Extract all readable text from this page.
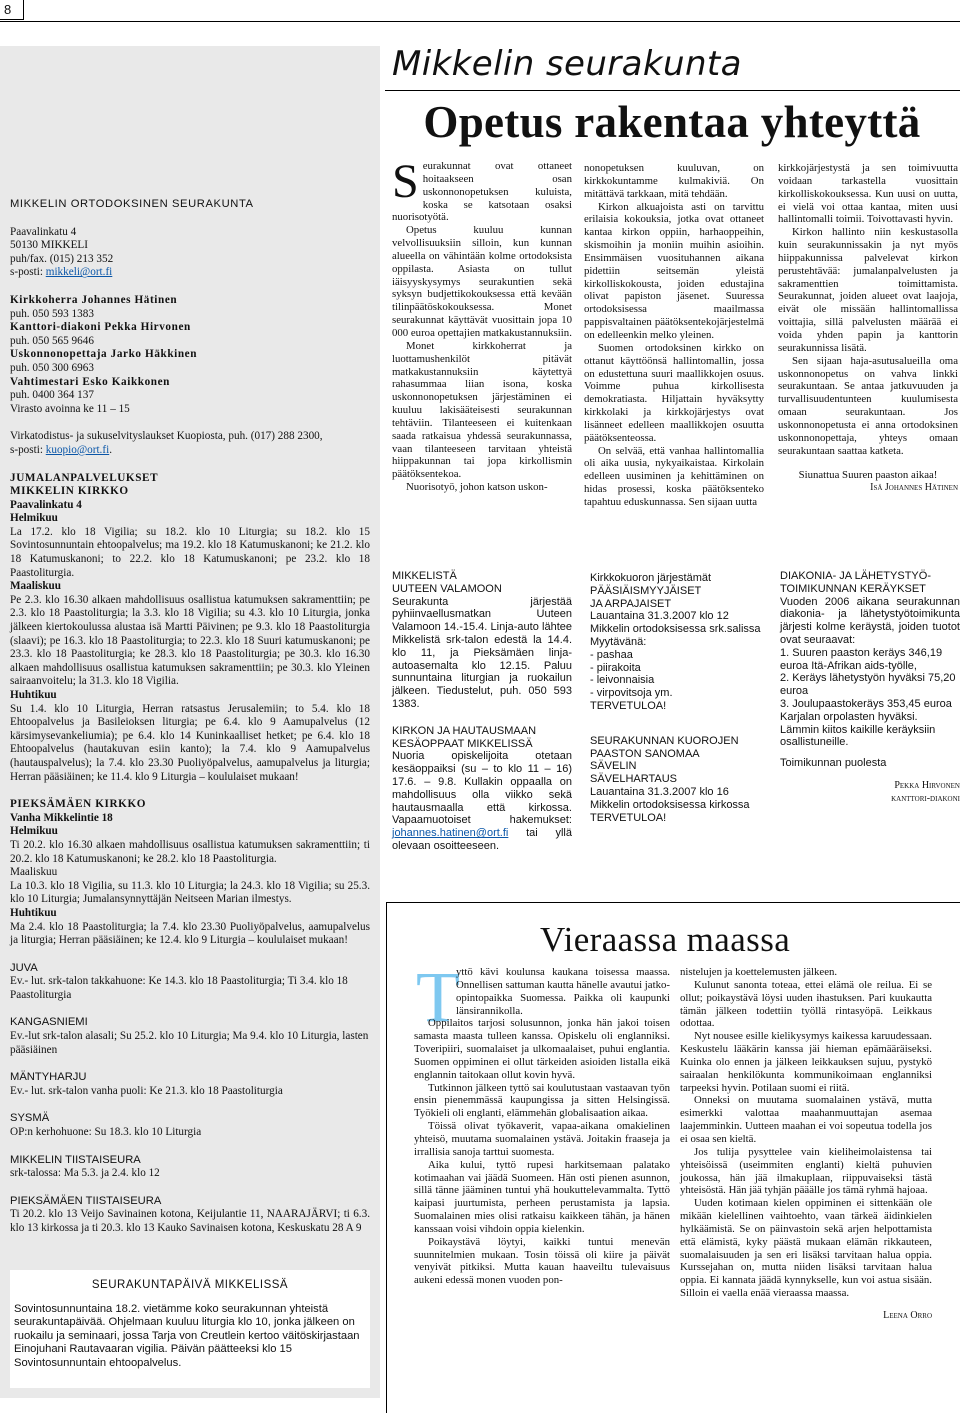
8

MIKKELIN ORTODOKSINEN SEURAKUNTA

Paavalinkatu 4

50130 MIKKELI

puh/fax. (015) 213 352

s-posti: mikkeli@ort.fi

Kirkkoherra Johannes Hätinen

puh. 050 593 1383

Kanttori-diakoni Pekka Hirvonen

puh. 050 565 9646

Uskonnonopettaja Jarko Häkkinen

puh. 050 300 6963

Vahtimestari Esko Kaikkonen

puh. 0400 364 137

Virasto avoinna ke 11 – 15

Virkatodistus- ja sukuselvityslaukset Kuopiosta, puh. (017) 288 2300,

s-posti: kuopio@ort.fi.

JUMALANPALVELUKSET

MIKKELIN KIRKKO

Paavalinkatu 4

Helmikuu

La 17.2. klo 18 Vigilia; su 18.2. klo 10 Liturgia; su 18.2. klo 15 Sovintosunnuntain ehtoopalvelus; ma 19.2. klo 18 Katumuskanoni; ke 21.2. klo 18 Katumuskanoni; to 22.2. klo 18 Katumuskanoni; pe 23.2. klo 18 Paastoliturgia.

Maaliskuu

Pe 2.3. klo 16.30 alkaen mahdollisuus osallistua katumuksen sakramenttiin; pe 2.3. klo 18 Paastoliturgia; la 3.3. klo 18 Vigilia; su 4.3. klo 10 Liturgia, jonka jälkeen kiertokoulussa alustaa isä Martti Päivinen; pe 9.3. klo 18 Paastoliturgia (slaavi); pe 16.3. klo 18 Paastoliturgia; to 22.3. klo 18 Suuri katumuskanoni; pe 23.3. klo 18 Paastoliturgia; ke 28.3. klo 18 Paastoliturgia; pe 30.3. klo 16.30 alkaen mahdollisuus osallistua katumuksen sakramenttiin; pe 30.3. klo Yleinen sairaanvoitelu; la 31.3. klo 18 Vigilia.

Huhtikuu

Su 1.4. klo 10 Liturgia, Herran ratsastus Jerusalemiin; to 5.4. klo 18 Ehtoopalvelus ja Basileioksen liturgia; pe 6.4. klo 9 Aamupalvelus (12 kärsimysevankeliumia); pe 6.4. klo 14 Kuninkaalliset hetket; pe 6.4. klo 18 Ehtoopalvelus (hautakuvan esiin kanto); la 7.4. klo 9 Aamupalvelus (hautauspalvelus); la 7.4. klo 23.30 Puoliyöpalvelus, aamupalvelus ja liturgia; Herran pääsiäinen; ke 11.4. klo 9 Liturgia – koululaiset mukaan!

PIEKSÄMÄEN KIRKKO

Vanha Mikkelintie 18

Helmikuu

Ti 20.2. klo 16.30 alkaen mahdollisuus osallistua katumuksen sakramenttiin; ti 20.2. klo 18 Katumuskanoni; ke 28.2. klo 18 Paastoliturgia.

Maaliskuu

La 10.3. klo 18 Vigilia, su 11.3. klo 10 Liturgia; la 24.3. klo 18 Vigilia; su 25.3. klo 10 Liturgia; Jumalansynnyttäjän Neitseen Marian ilmestys.

Huhtikuu

Ma 2.4. klo 18 Paastoliturgia; la 7.4. klo 23.30 Puoliyöpalvelus, aamupalvelus ja liturgia; Herran pääsiäinen; ke 12.4. klo 9 Liturgia – koululaiset mukaan!

JUVA

Ev.- lut. srk-talon takkahuone: Ke 14.3. klo 18 Paastoliturgia; Ti 3.4. klo 18 Paastoliturgia

KANGASNIEMI

Ev.-lut srk-talon alasali; Su 25.2. klo 10 Liturgia; Ma 9.4. klo 10 Liturgia, lasten pääsiäinen

MÄNTYHARJU

Ev.- lut. srk-talon vanha puoli: Ke 21.3. klo 18 Paastoliturgia

SYSMÄ

OP:n kerhohuone: Su 18.3. klo 10 Liturgia

MIKKELIN TIISTAISEURA

srk-talossa: Ma 5.3. ja 2.4. klo 12

PIEKSÄMÄEN TIISTAISEURA

Ti 20.2. klo 13 Veijo Savinainen kotona, Keijulantie 11, NAARAJÄRVI; ti 6.3. klo 13 kirkossa ja ti 20.3. klo 13 Kauko Savinaisen kotona, Keskuskatu 28 A 9

SEURAKUNTAPÄIVÄ MIKKELISSÄ
Sovintosunnuntaina 18.2. vietämme koko seurakunnan yhteistä seurakuntapäivää. Ohjelmaan kuuluu liturgia klo 10, jonka jälkeen on ruokailu ja seminaari, jossa Tarja von Creutlein kertoo väitöskirjastaan Einojuhani Rautavaaran vigilia. Päivän päätteeksi klo 15 Sovintosunnuntain ehtoopalvelus.
Mikkelin seurakunta
Opetus rakentaa yhteyttä
S eurakunnat ovat ottaneet hoitaakseen osan uskonnonopetuksen kuluista, koska se katsotaan osaksi nuorisotyötä.

Opetus kuuluu kunnan velvollisuuksiin silloin, kun kunnan alueella on vähintään kolme ortodoksista oppilasta. Asiasta on tullut iäisyyskysymys seurakuntien sekä syksyn budjettikokouksessa että kevään tilinpäätöskokouksessa. Monet seurakunnat käyttävät vuosittain jopa 10 000 euroa opettajien matkakustannuksiin.

Monet kirkkoherrat ja luottamushenkilöt pitävät matkakustannuksiin käytettyä rahasummaa liian isona, koska uskonnonopetuksen järjestäminen ei kuuluu lakisääteisesti seurakunnan tehtäviin. Tilanteeseen ei kuitenkaan saada ratkaisua yhdessä seurakunnassa, vaan tilanteeseen tarvitaan yhteistä hiippakunnan tai jopa kirkollismin päätöksentekoa.

Nuorisotyö, johon katson uskon-

nonopetuksen kuuluvan, on kirkkokuntamme kulmakiviä. On mitättävä tarkkaan, mitä tehdään.

Kirkon alkuajoista asti on tarvittu erilaisia kokouksia, jotka ovat ottaneet kantaa kirkon oppiin, harhaoppeihin, skismoihin ja moniin muihin asioihin. Ensimmäisen vuosituhannen aikana pidettiin seitsemän yleistä kirkolliskokousta, joiden edustajina olivat papiston jäsenet. Suuressa ortodoksisessa maailmassa pappisvaltainen päätöksentekojärjestelmä on edelleenkin melko yleinen.

Suomen ortodoksinen kirkko on ottanut käyttöönsä hallintomallin, jossa on edustettuna suuri maallikkojen osuus. Voimme puhua kirkollisesta demokratiasta. Hiljattain hyväksytty kirkkolaki ja kirkkojärjestys ovat lisänneet edelleen maallikkojen osuutta päätöksenteossa.

On selvää, että vanhaa hallintomallia oli aika uusia, nykyaikaistaa. Kirkolain edelleen uusiminen ja kehittäminen on hidas prosessi, koska päätöksenteko tapahtuu eduskunnassa. Sen sijaan uutta

kirkkojärjestystä ja sen toimivuutta voidaan tarkastella vuosittain kirkolliskokouksessa. Kun uusi on uutta, ei vielä voi ottaa kantaa, miten uusi hallintomalli toimii. Toivottavasti hyvin.

Kirkon hallinto niin keskustasolla kuin seurakunnissakin ja nyt myös hiippakunnissa palvelevat kirkon perustehtävää: jumalanpalvelusten ja sakramenttien toimittamista. Seurakunnat, joiden alueet ovat laajoja, eivät ole missään hallintomallissa voittajia, sillä palvelusten määrää ei voida yhden papin ja kanttorin seurakunnissa lisätä.

Sen sijaan haja-asutusalueilla oma uskonnonopetus on vahva linkki seurakuntaan. Se antaa jatkuvuuden ja turvallisuudentunteen kuulumisesta omaan seurakuntaan. Jos uskonnonopetusta ei anna ortodoksinen uskonnonopettaja, yhteys omaan seurakuntaan saattaa katketa.

Siunattua Suuren paaston aikaa!

Isä Johannes Hätinen

MIKKELISTÄ

UUTEEN VALAMOON

Seurakunta järjestää pyhiinvaellusmatkan Uuteen Valamoon 14.-15.4. Linja-auto lähtee Mikkelistä srk-talon edestä la 14.4. klo 11, ja Pieksämäen linja-autoasemalta klo 12.15. Paluu sunnuntaina liturgian ja ruokailun jälkeen. Tiedustelut, puh. 050 593 1383.

KIRKON JA HAUTAUSMAAN

KESÄOPPAAT MIKKELISSÄ

Nuoria opiskelijoita otetaan kesäoppaiksi (su – to klo 11 – 16) 17.6. – 9.8. Kullakin oppaalla on mahdollisuus olla viikko sekä hautausmaalla että kirkossa. Vapaamuotoiset hakemukset: johannes.hatinen@ort.fi tai yllä olevaan osoitteeseen.

Kirkkokuoron järjestämät

PÄÄSIÄISMYYJÄISET

JA ARPAJAISET

Lauantaina 31.3.2007 klo 12

Mikkelin ortodoksisessa srk.salissa

Myytävänä:

- pashaa

- piirakoita

- leivonnaisia

- virpovitsoja ym.

TERVETULOA!

SEURAKUNNAN KUOROJEN

PAASTON SANOMAA

SÄVELIN

SÄVELHARTAUS

Lauantaina 31.3.2007 klo 16

Mikkelin ortodoksisessa kirkossa

TERVETULOA!

DIAKONIA- JA LÄHETYSTYÖ-

TOIMIKUNNAN KERÄYKSET

Vuoden 2006 aikana seurakunnan diakonia- ja lähetystyötoimikunta järjesti kolme keräystä, joiden tuotot ovat seuraavat:

1. Suuren paaston keräys 346,19 euroa Itä-Afrikan aids-työlle,

2. Keräys lähetystyön hyväksi 75,20 euroa

3. Joulupaastokeräys 353,45 euroa Karjalan orpolasten hyväksi.

Lämmin kiitos kaikille keräyksiin osallistuneille.

Toimikunnan puolesta

Pekka Hirvonen

kanttori-diakoni

Vieraassa maassa
T

yttö kävi koulunsa kaukana toisessa maassa. Onnellisen sattuman kautta hänelle avautui jatko-opintopaikka Suomessa. Paikka oli kaupunki länsirannikolla.

Oppilaitos tarjosi solusunnon, jonka hän jakoi toisen samasta maasta tulleen kanssa. Opiskelu oli englanniksi. Toveripiiri, suomalaiset ja ulkomaalaiset, puhui englantia. Suomen oppiminen ei ollut tärkeiden asioiden listalla eikä englannin taitokaan ollut kovin hyvä.

Tutkinnon jälkeen tyttö sai koulutustaan vastaavan työn ensin pienemmässä kaupungissa ja sitten Helsingissä. Työkieli oli englanti, elämmehän globalisaation aikaa.

Töissä olivat työkaverit, vapaa-aikana omakielinen yhteisö, muutama suomalainen ystävä. Joitakin fraaseja ja irrallisia sanoja tarttui suomesta.

Aika kului, tyttö rupesi harkitsemaan palatako kotimaahan vai jäädä Suomeen. Hän osti pienen asunnon, sillä tänne jääminen tuntui yhä houkuttelevammalta. Tyttö kaipasi juurtumista, perheen perustamista ja lapsia. Suomalainen mies olisi ratkaisu kaikkeen tähän, ja hänen kanssaan voisi vihdoin oppia kielenkin.

Poikaystävä löytyi, kaikki tuntui menevän suunnitelmien mukaan. Tosin töissä oli kiire ja päivät venyivät pitkiksi. Mutta kauan haaveiltu tulevaisuus aukeni edessä monen vuoden pon-

nistelujen ja koettelemusten jälkeen.

Kulunut sanonta toteaa, ettei elämä ole reilua. Ei se ollut; poikaystävä löysi uuden ihastuksen. Pari kuukautta tämän jälkeen todettiin työllä rintasyöpä. Leikkaus odottaa.

Nyt nousee esille kielikysymys kaikessa karuudessaan. Keskustelu lääkärin kanssa jäi hieman epämääräiseksi. Kuinka olo ennen ja jälkeen leikkauksen sujuu, pystykö sairaalan henkilökunta kommunikoimaan englanniksi tarpeeksi hyvin. Potilaan suomi ei riitä.

Onneksi on muutama suomalainen ystävä, mutta esimerkki valottaa maahanmuuttajan asemaa laajemminkin. Uutteen maahan ei voi sopeutua todella jos ei osaa sen kieltä.

Jos tulija pysyttelee vain kieliheimolaistensa tai yhteisöissä (useimmiten englanti) kieltä puhuvien joukossa, hän jää ilmakuplaan, riippuvaiseksi tästä yhteisöstä. Hän jää tyhjän pääälle jos tämä ryhmä hajoaa.

Uuden kotimaan kielen oppiminen ei sittenkään ole mikään kielellinen vaihtoehto, vaan tärkeä äidinkielen hylkäämistä. Se on päinvastoin sekä arjen helpottamista että elämistä, kyky päästä mukaan elämän rikkauteen, suomalaisuuden ja sen eri lisäksi tarvitaan halua oppia. Kurssejahan on, mutta niiden lisäksi tarvitaan halua oppia. Ei kannata jäädä kynnykselle, kun voi astua sisään. Silloin ei vaella enää vieraassa maassa.

Leena Orro
